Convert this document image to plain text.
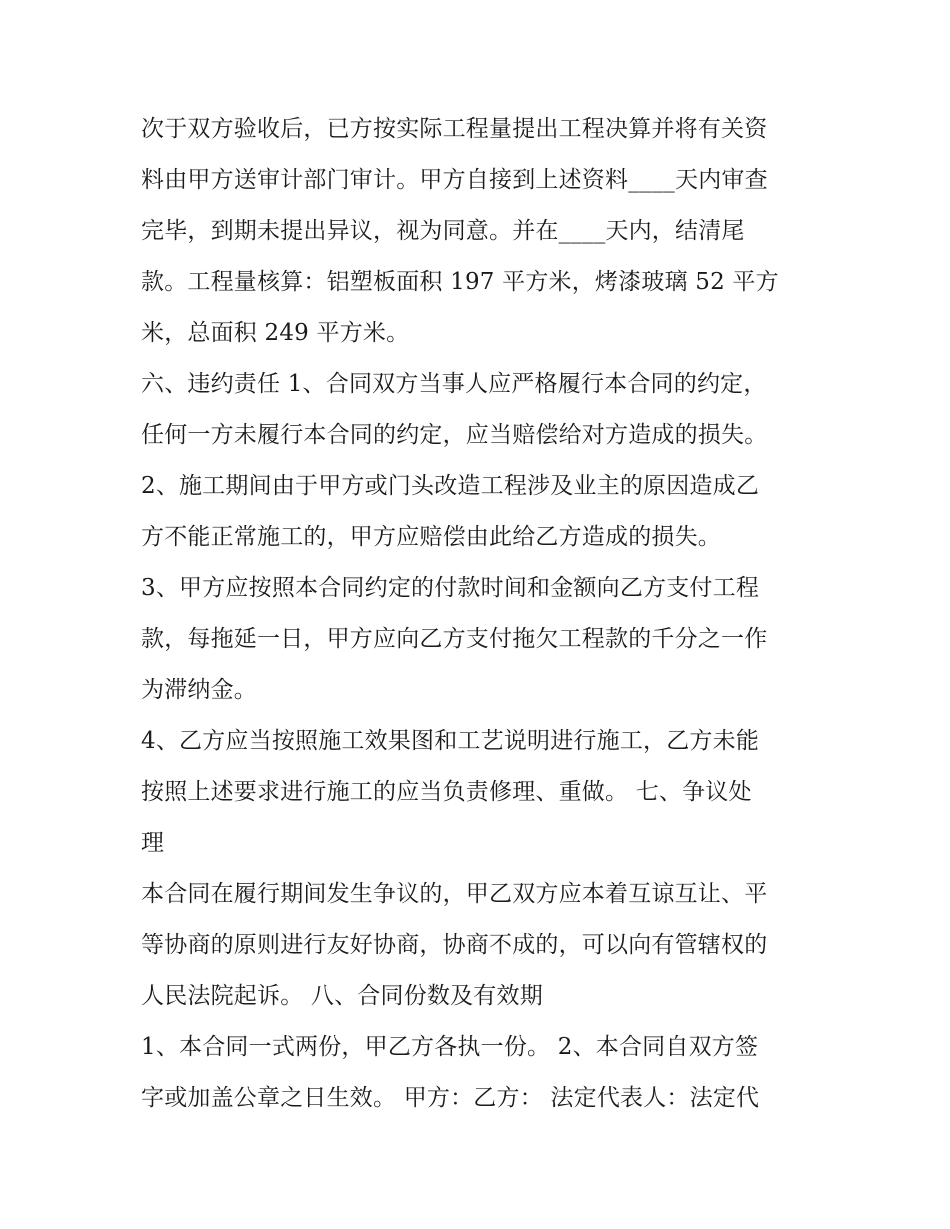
次于双方验收后，已方按实际工程量提出工程决算并将有关资
料由甲方送审计部门审计。甲方自接到上述资料____天内审查
完毕，到期未提出异议，视为同意。并在____天内，结清尾
款。工程量核算：铝塑板面积 197 平方米，烤漆玻璃 52 平方
米，总面积 249 平方米。
六、违约责任 1、合同双方当事人应严格履行本合同的约定，
任何一方未履行本合同的约定，应当赔偿给对方造成的损失。
2、施工期间由于甲方或门头改造工程涉及业主的原因造成乙
方不能正常施工的，甲方应赔偿由此给乙方造成的损失。
3、甲方应按照本合同约定的付款时间和金额向乙方支付工程
款，每拖延一日，甲方应向乙方支付拖欠工程款的千分之一作
为滞纳金。
4、乙方应当按照施工效果图和工艺说明进行施工，乙方未能
按照上述要求进行施工的应当负责修理、重做。 七、争议处
理
本合同在履行期间发生争议的，甲乙双方应本着互谅互让、平
等协商的原则进行友好协商，协商不成的，可以向有管辖权的
人民法院起诉。 八、合同份数及有效期
1、本合同一式两份，甲乙方各执一份。 2、本合同自双方签
字或加盖公章之日生效。 甲方：乙方： 法定代表人：法定代
